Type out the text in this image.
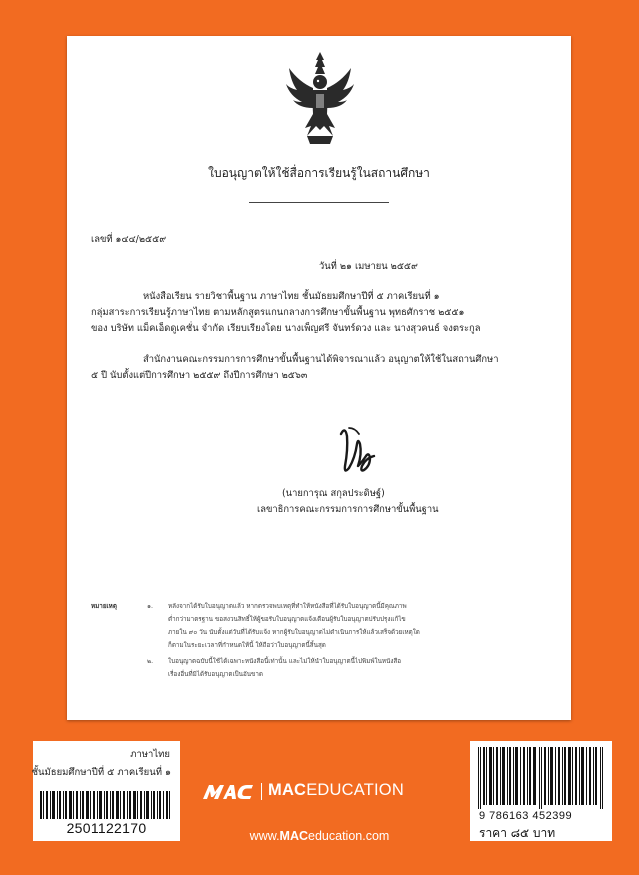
ใบอนุญาตให้ใช้สื่อการเรียนรู้ในสถานศึกษา
เลขที่ ๑๔๔/๒๕๕๙
วันที่ ๒๑ เมษายน ๒๕๕๙
หนังสือเรียน รายวิชาพื้นฐาน ภาษาไทย ชั้นมัธยมศึกษาปีที่ ๕ ภาคเรียนที่ ๑
กลุ่มสาระการเรียนรู้ภาษาไทย ตามหลักสูตรแกนกลางการศึกษาขั้นพื้นฐาน พุทธศักราช ๒๕๕๑
ของ บริษัท แม็คเอ็ดดูเคชั่น จำกัด เรียบเรียงโดย นางเพ็ญศรี จันทร์ดวง และ นางสุวคนธ์ จงตระกูล
สำนักงานคณะกรรมการการศึกษาขั้นพื้นฐานได้พิจารณาแล้ว อนุญาตให้ใช้ในสถานศึกษา
๕ ปี นับตั้งแต่ปีการศึกษา ๒๕๕๙ ถึงปีการศึกษา ๒๕๖๓
(นายการุณ สกุลประดิษฐ์)
เลขาธิการคณะกรรมการการศึกษาขั้นพื้นฐาน
หมายเหตุ	๑. หลังจากได้รับใบอนุญาตแล้ว หากตรวจพบเหตุที่ทำให้หนังสือที่ได้รับใบอนุญาตนี้มีคุณภาพ
ต่ำกว่ามาตรฐาน ขอสงวนสิทธิ์ให้ผู้ขอรับใบอนุญาตแจ้งเตือนผู้รับใบอนุญาตปรับปรุงแก้ไข
ภายใน ๙๐ วัน นับตั้งแต่วันที่ได้รับแจ้ง หากผู้รับใบอนุญาตไม่ดำเนินการให้แล้วเสร็จด้วยเหตุใด
ก็ตามในระยะเวลาที่กำหนดให้นี้ ให้ถือว่าใบอนุญาตนี้สิ้นสุด
๒. ใบอนุญาตฉบับนี้ใช้ได้เฉพาะหนังสือนี้เท่านั้น และไม่ให้นำใบอนุญาตนี้ไปพิมพ์ในหนังสือ
เรื่องอื่นที่มิได้รับอนุญาตเป็นอันขาด
ภาษาไทย
ชั้นมัธยมศึกษาปีที่ ๕ ภาคเรียนที่ ๑
2501122170
MACEDUCATION
www.MACeducation.com
9 786163 452399
ราคา ๘๕ บาท
